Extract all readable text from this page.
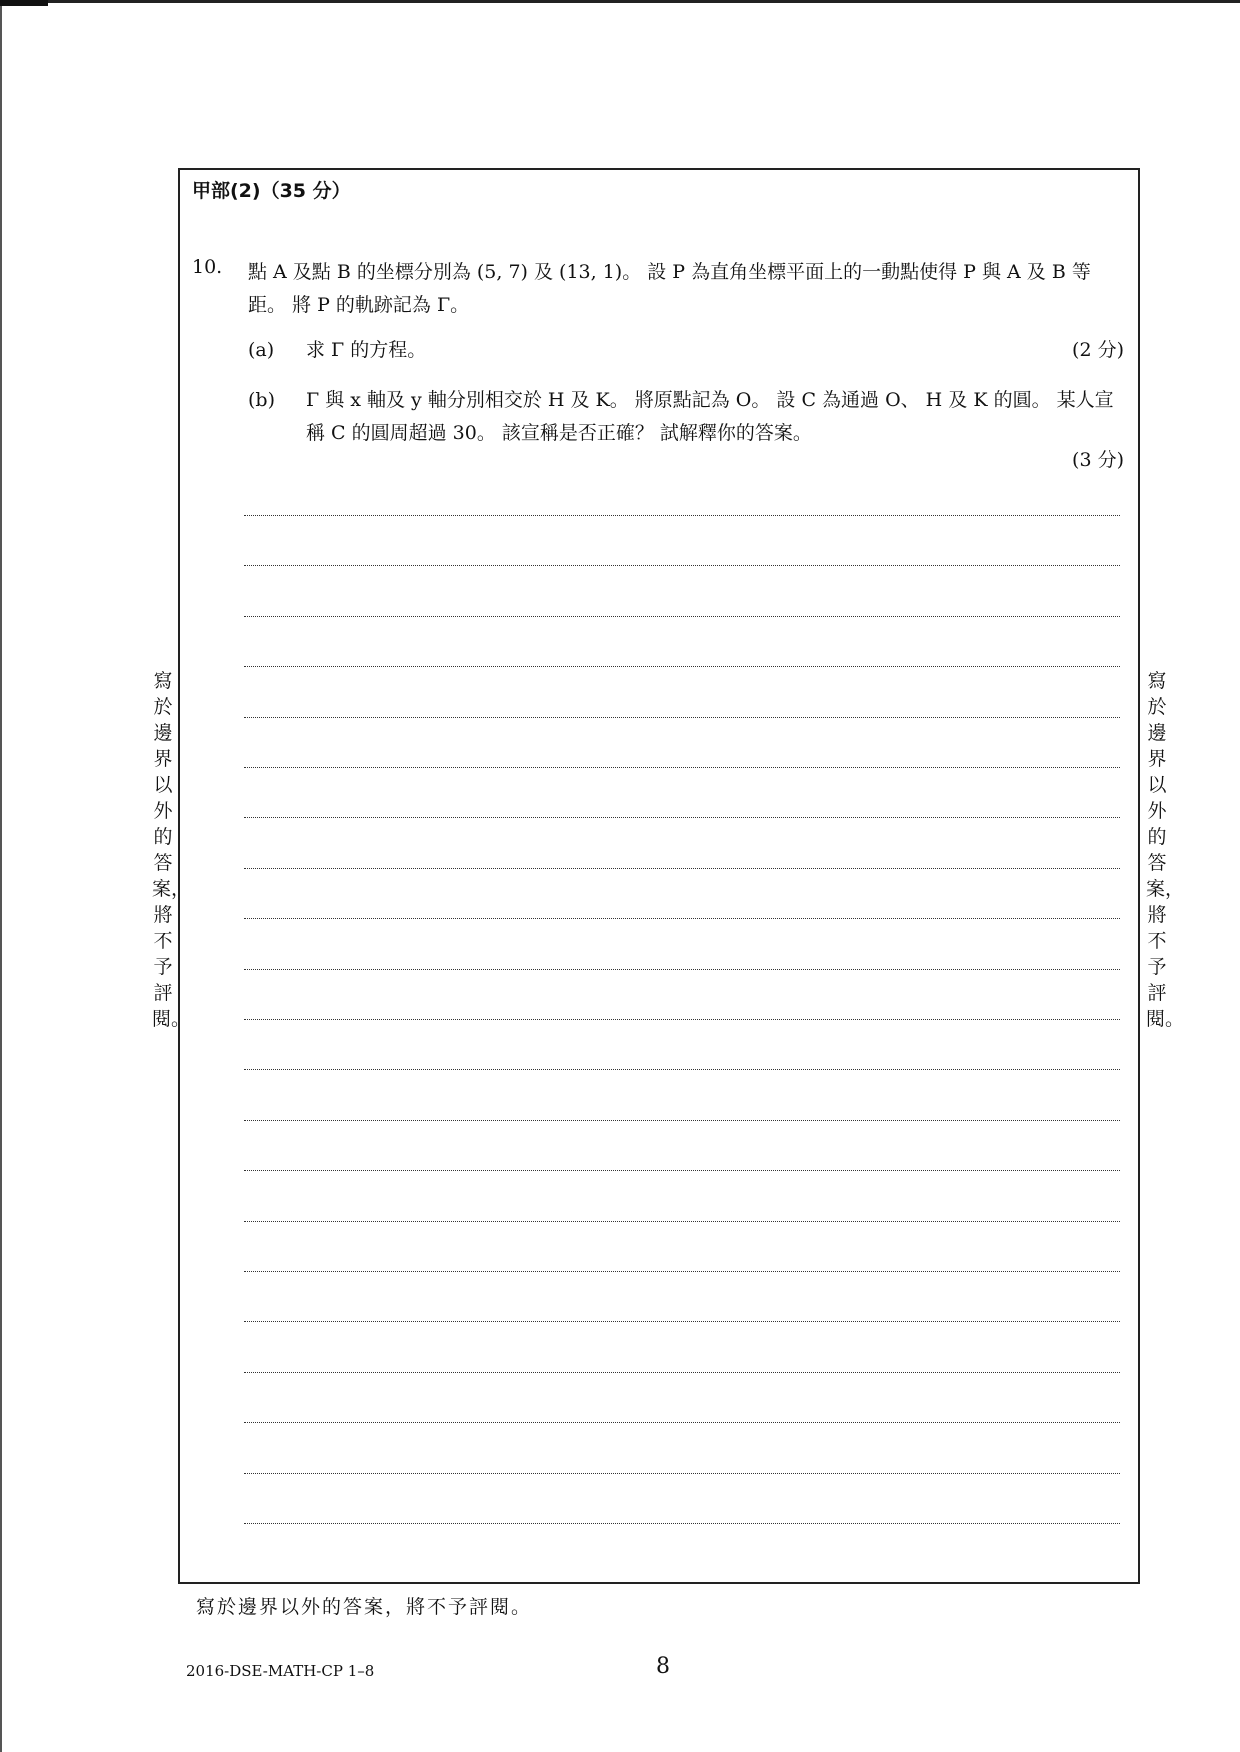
甲部(2)（35 分）
10. 點 A 及點 B 的坐標分別為 (5, 7) 及 (13, 1)。 設 P 為直角坐標平面上的一動點使得 P 與 A 及 B 等距。 將 P 的軌跡記為 Γ。
(a) 求 Γ 的方程。	(2 分)
(b) Γ 與 x 軸及 y 軸分別相交於 H 及 K。 將原點記為 O。 設 C 為通過 O、 H 及 K 的圓。 某人宣稱 C 的圓周超過 30。 該宣稱是否正確？ 試解釋你的答案。
(3 分)
寫於邊界以外的答案，將不予評閱。
寫於邊界以外的答案，將不予評閱。
寫於邊界以外的答案，將不予評閱。
2016-DSE-MATH-CP 1–8	8
